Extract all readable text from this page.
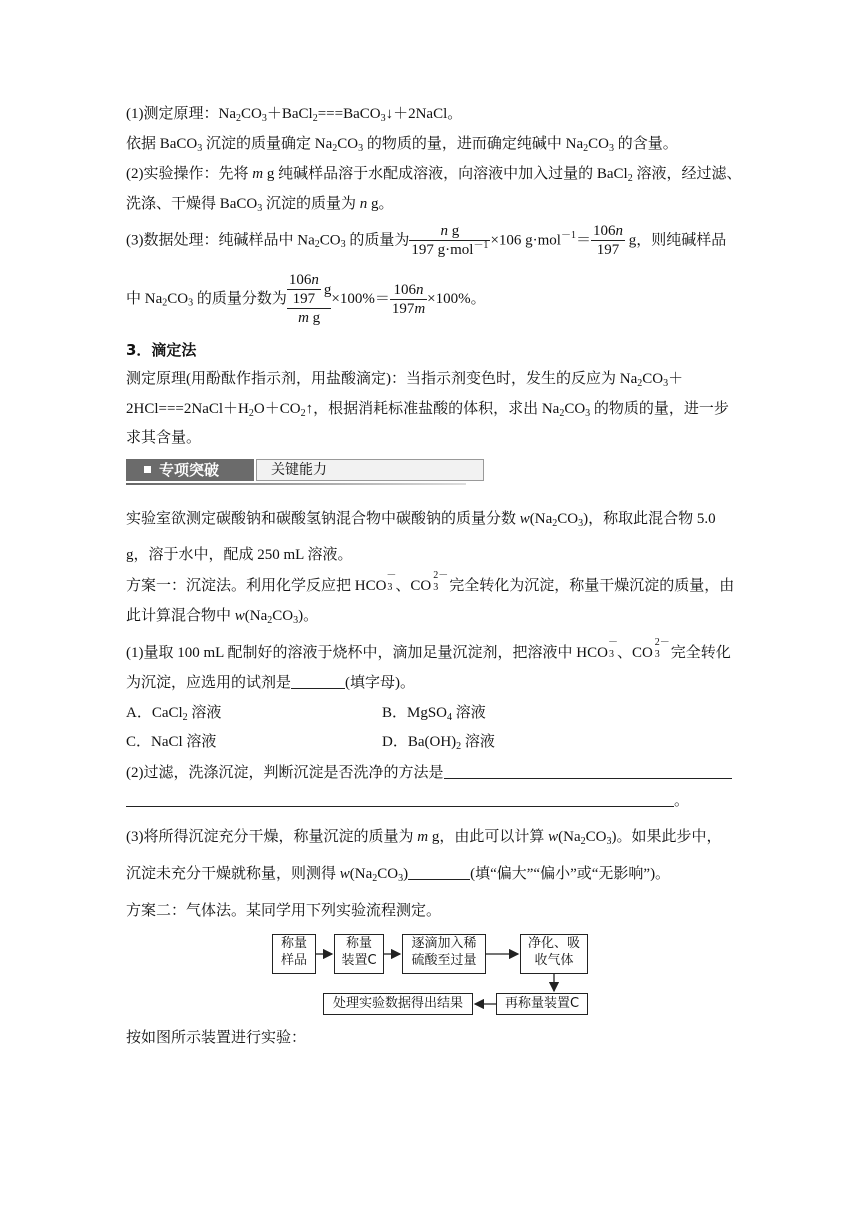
(1)测定原理：$Na_2CO_3+BaCl_2===BaCO_3↓+2NaCl$。
依据 BaCO$_3$ 沉淀的质量确定 $Na_2CO_3$ 的物质的量，进而确定纯碱中 $Na_2CO_3$ 的含量。
(2)实验操作：先将 m g 纯碱样品溶于水配成溶液，向溶液中加入过量的 BaCl$_2$ 溶液，经过滤、
洗涤、干燥得 BaCO$_3$ 沉淀的质量为 n g。
(3)数据处理：纯碱样品中 $Na_2CO_3$ 的质量为 $\frac{\text{n g}}{197 g\cdot mol^{-1}} \times 106$ $g\cdot mol^{-1}= \frac{106n}{197}$ g，则纯碱样品
中 $Na_2CO_3$ 的质量分数为 $\frac{\frac{106n}{197} g}{\text{m g}} \times 100\%= \frac{106n}{197m} \times 100\%$。
3．滴定法
测定原理(用酚酞作指示剂，用盐酸滴定)：当指示剂变色时，发生的反应为 $Na_2CO_3+$
$2HCl===2NaCl+H_2O+CO_2↑$，根据消耗标准盐酸的体积，求出 $Na_2CO_3$ 的物质的量，进一步
求其含量。
专项突破	关键能力
实验室欲测定碳酸钠和碳酸氢钠混合物中碳酸钠的质量分数 $w(Na_2CO_3)$，称取此混合物 5.0
g，溶于水中，配成 250 mL 溶液。
方案一：沉淀法。利用化学反应把 HCO
－
3 、CO
2－
3 完全转化为沉淀，称量干燥沉淀的质量，由
此计算混合物中 $w(Na_2CO_3)$。
(1)量取 100 mL 配制好的溶液于烧杯中，滴加足量沉淀剂，把溶液中 HCO
－
3 、CO
2－
3 完全转化
为沉淀，应选用的试剂是	(填字母)。
A．CaCl$_2$ 溶液	B．MgSO$_4$ 溶液
C．NaCl 溶液	D．$Ba(OH)_2$ 溶液
(2)过滤，洗涤沉淀，判断沉淀是否洗净的方法是
。
(3)将所得沉淀充分干燥，称量沉淀的质量为 m g，由此可以计算 $w(Na_2CO_3)$。如果此步中，
沉淀未充分干燥就称量，则测得 $w(Na_2CO_3)$	(填“偏大”“偏小”或“无影响”)。
方案二：气体法。某同学用下列实验流程测定。
称量
样品
称量
装置C
逐滴加入稀
硫酸至过量
净化、吸
收气体
再称量装置C
处理实验数据得出结果
按如图所示装置进行实验：
